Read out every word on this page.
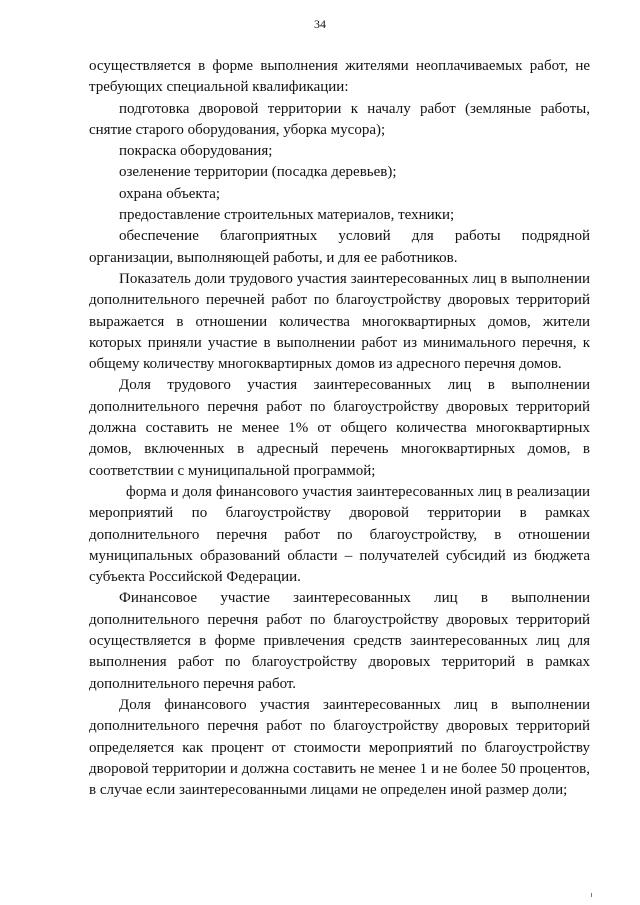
34

осуществляется в форме выполнения жителями неоплачиваемых работ, не требующих специальной квалификации:

подготовка дворовой территории к началу работ (земляные работы, снятие старого оборудования, уборка мусора);

покраска оборудования;

озеленение территории (посадка деревьев);

охрана объекта;

предоставление строительных материалов, техники;

обеспечение благоприятных условий для работы подрядной организации, выполняющей работы, и для ее работников.

Показатель доли трудового участия заинтересованных лиц в выполнении дополнительного перечней работ по благоустройству дворовых территорий выражается в отношении количества многоквартирных домов, жители которых приняли участие в выполнении работ из минимального перечня, к общему количеству многоквартирных домов из адресного перечня домов.

Доля трудового участия заинтересованных лиц в выполнении дополнительного перечня работ по благоустройству дворовых территорий должна составить не менее 1% от общего количества многоквартирных домов, включенных в адресный перечень многоквартирных домов, в соответствии с муниципальной программой;

форма и доля финансового участия заинтересованных лиц в реализации мероприятий по благоустройству дворовой территории в рамках дополнительного перечня работ по благоустройству, в отношении муниципальных образований области – получателей субсидий из бюджета субъекта Российской Федерации.

Финансовое участие заинтересованных лиц в выполнении дополнительного перечня работ по благоустройству дворовых территорий осуществляется в форме привлечения средств заинтересованных лиц для выполнения работ по благоустройству дворовых территорий в рамках дополнительного перечня работ.

Доля финансового участия заинтересованных лиц в выполнении дополнительного перечня работ по благоустройству дворовых территорий определяется как процент от стоимости мероприятий по благоустройству дворовой территории и должна составить не менее 1 и не более 50 процентов, в случае если заинтересованными лицами не определен иной размер доли;
